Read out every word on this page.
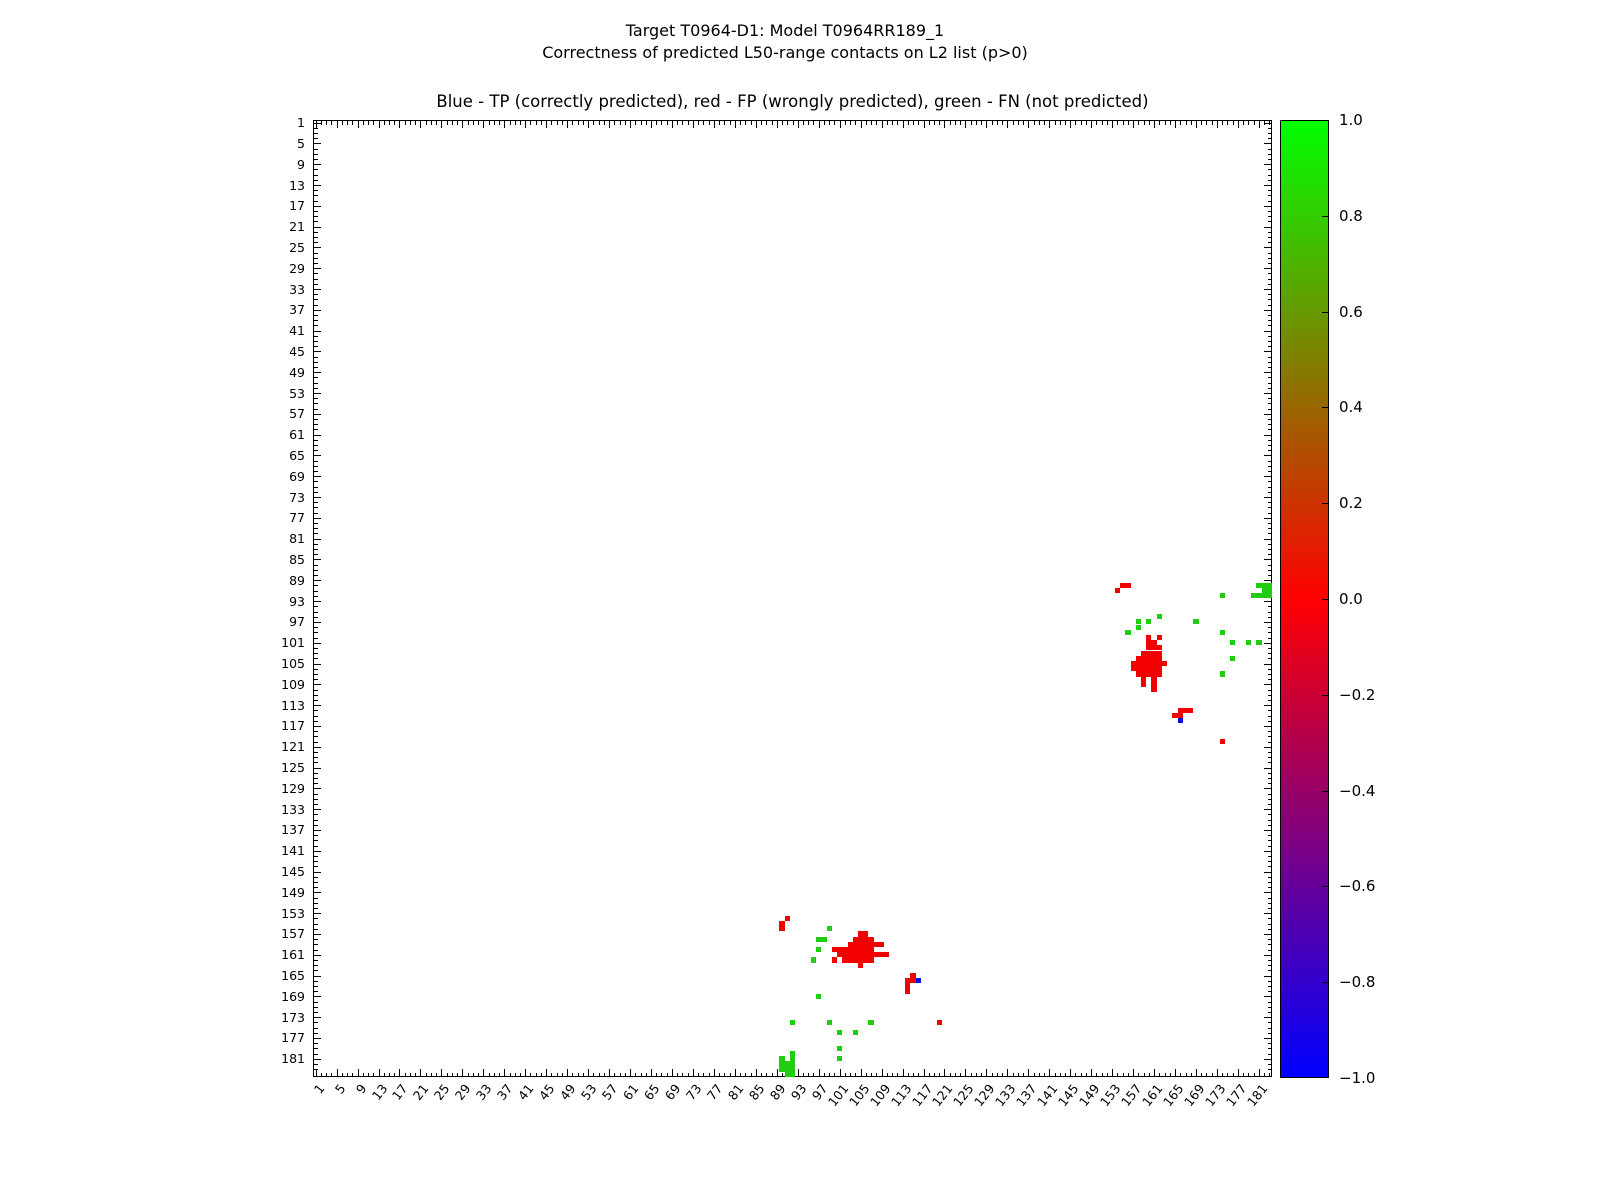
Target T0964-D1: Model T0964RR189_1
Correctness of predicted L50-range contacts on L2 list (p>0)
Blue - TP (correctly predicted), red - FP (wrongly predicted), green - FN (not predicted)
1
5
9
13
17
21
25
29
33
37
41
45
49
53
57
61
65
69
73
77
81
85
89
93
97
101
105
109
113
117
121
125
129
133
137
141
145
149
153
157
161
165
169
173
177
181
1 5 9 13 17 21 25 29 33 37 41 45 49 53 57 61 65 69 73 77 81 85 89 93 97
101
105
109
113
117
121
125
129
133
137
141
145
149
153
157
161
165
169
173
177
181
1.0
0.8
0.6
0.4
0.2
0.0
−0.2
−0.4
−0.6
−0.8
−1.0
